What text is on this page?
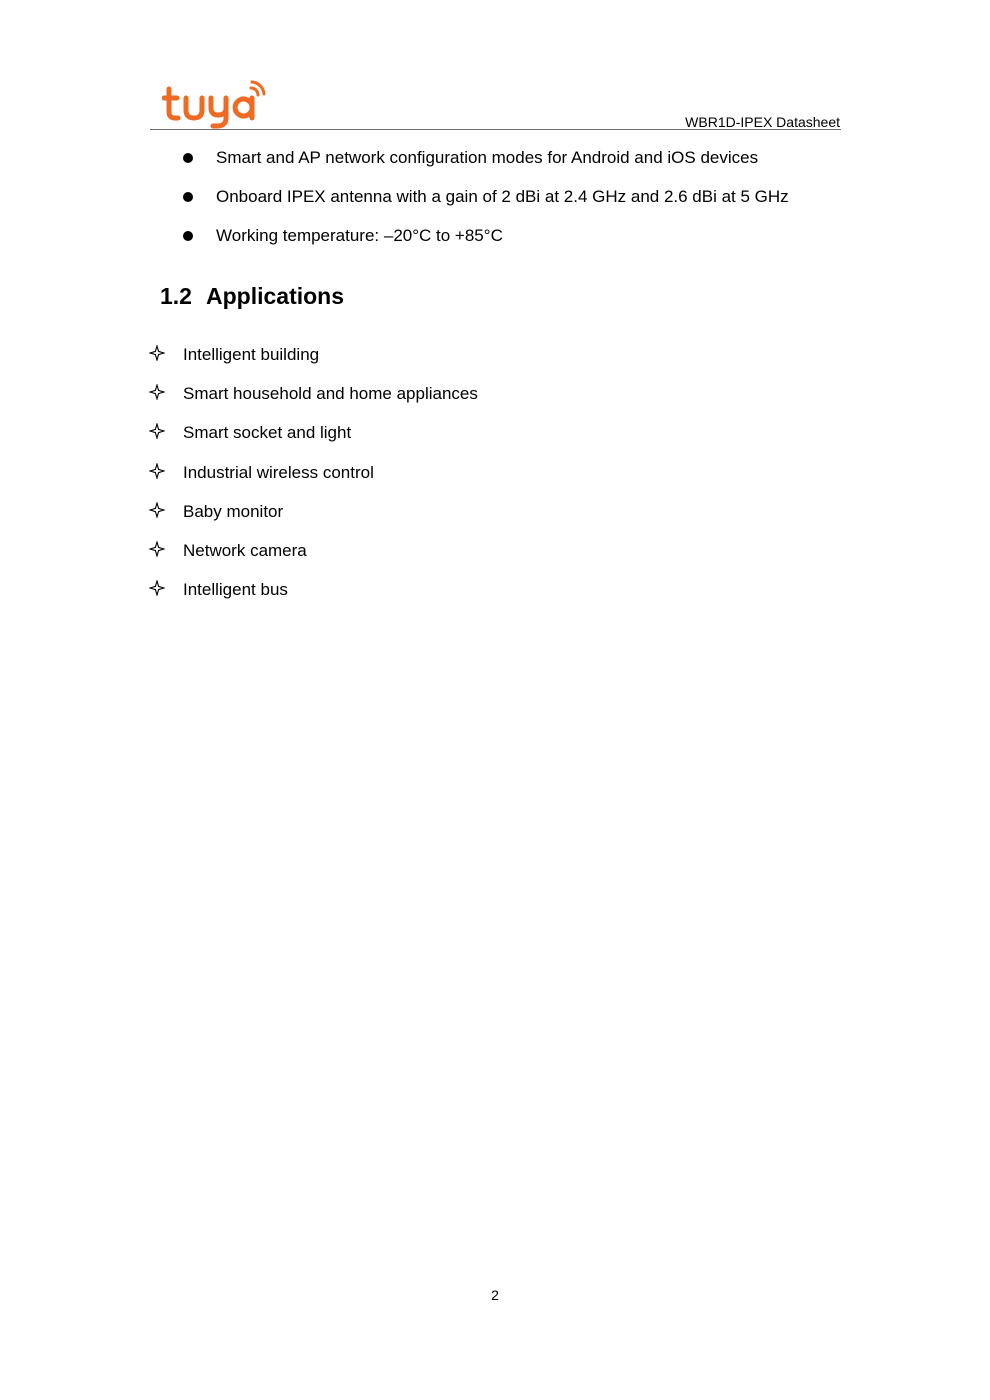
WBR1D-IPEX Datasheet
Smart and AP network configuration modes for Android and iOS devices
Onboard IPEX antenna with a gain of 2 dBi at 2.4 GHz and 2.6 dBi at 5 GHz
Working temperature: –20°C to +85°C
1.2 Applications
Intelligent building
Smart household and home appliances
Smart socket and light
Industrial wireless control
Baby monitor
Network camera
Intelligent bus
2
